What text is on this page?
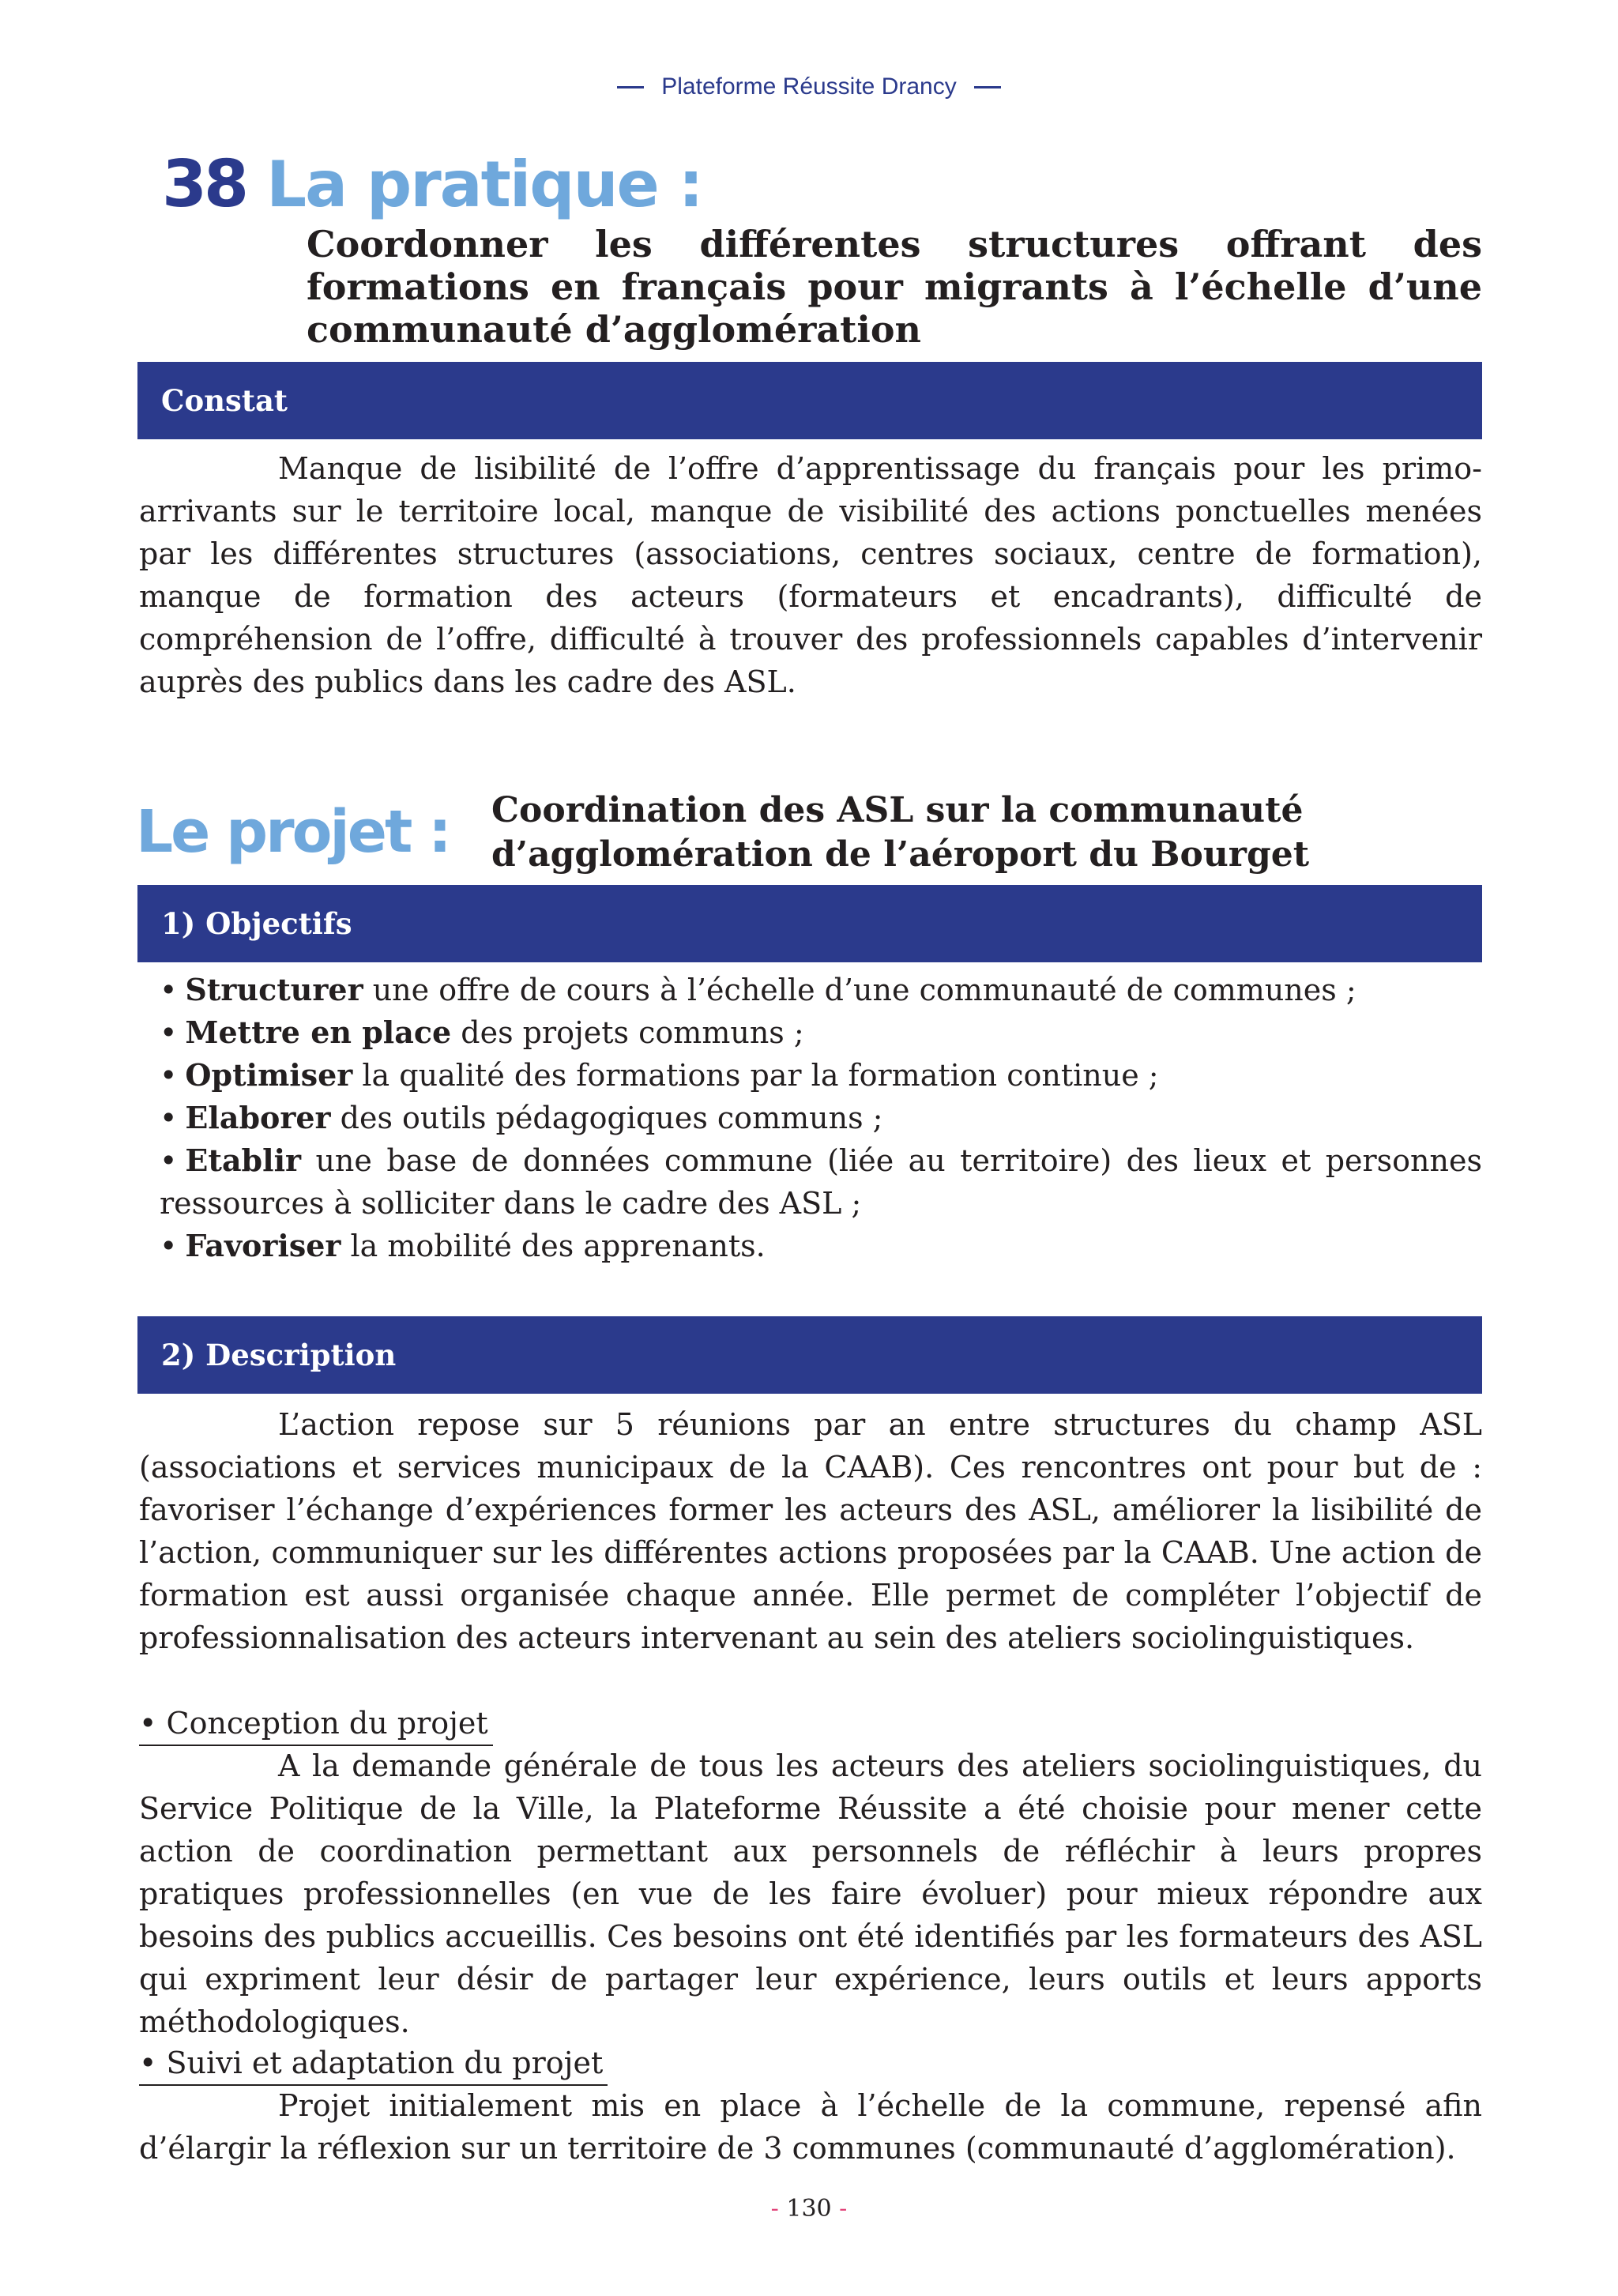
Plateforme Réussite Drancy
38 La pratique :
Coordonner les différentes structures offrant des formations en français pour migrants à l’échelle d’une communauté d’agglomération
Constat
Manque de lisibilité de l’offre d’apprentissage du français pour les primo-arrivants sur le territoire local, manque de visibilité des actions ponctuelles menées par les différentes structures (associations, centres sociaux, centre de formation), manque de formation des acteurs (formateurs et encadrants), difficulté de compréhension de l’offre, difficulté à trouver des professionnels capables d’intervenir auprès des publics dans les cadre des ASL.
Le projet : Coordination des ASL sur la communauté
d’agglomération de l’aéroport du Bourget
1) Objectifs
• Structurer une offre de cours à l’échelle d’une communauté de communes ;
• Mettre en place des projets communs ;
• Optimiser la qualité des formations par la formation continue ;
• Elaborer des outils pédagogiques communs ;
• Etablir une base de données commune (liée au territoire) des lieux et personnes ressources à solliciter dans le cadre des ASL ;
• Favoriser la mobilité des apprenants.
2) Description
L’action repose sur 5 réunions par an entre structures du champ ASL (associations et services municipaux de la CAAB). Ces rencontres ont pour but de : favoriser l’échange d’expériences former les acteurs des ASL, améliorer la lisibilité de l’action, communiquer sur les différentes actions proposées par la CAAB. Une action de formation est aussi organisée chaque année. Elle permet de compléter l’objectif de professionnalisation des acteurs intervenant au sein des ateliers sociolinguistiques.
• Conception du projet
A la demande générale de tous les acteurs des ateliers sociolinguistiques, du Service Politique de la Ville, la Plateforme Réussite a été choisie pour mener cette action de coordination permettant aux personnels de réfléchir à leurs propres pratiques professionnelles (en vue de les faire évoluer) pour mieux répondre aux besoins des publics accueillis. Ces besoins ont été identifiés par les formateurs des ASL qui expriment leur désir de partager leur expérience, leurs outils et leurs apports méthodologiques.
• Suivi et adaptation du projet
Projet initialement mis en place à l’échelle de la commune, repensé afin d’élargir la réflexion sur un territoire de 3 communes (communauté d’agglomération).
- 130 -
